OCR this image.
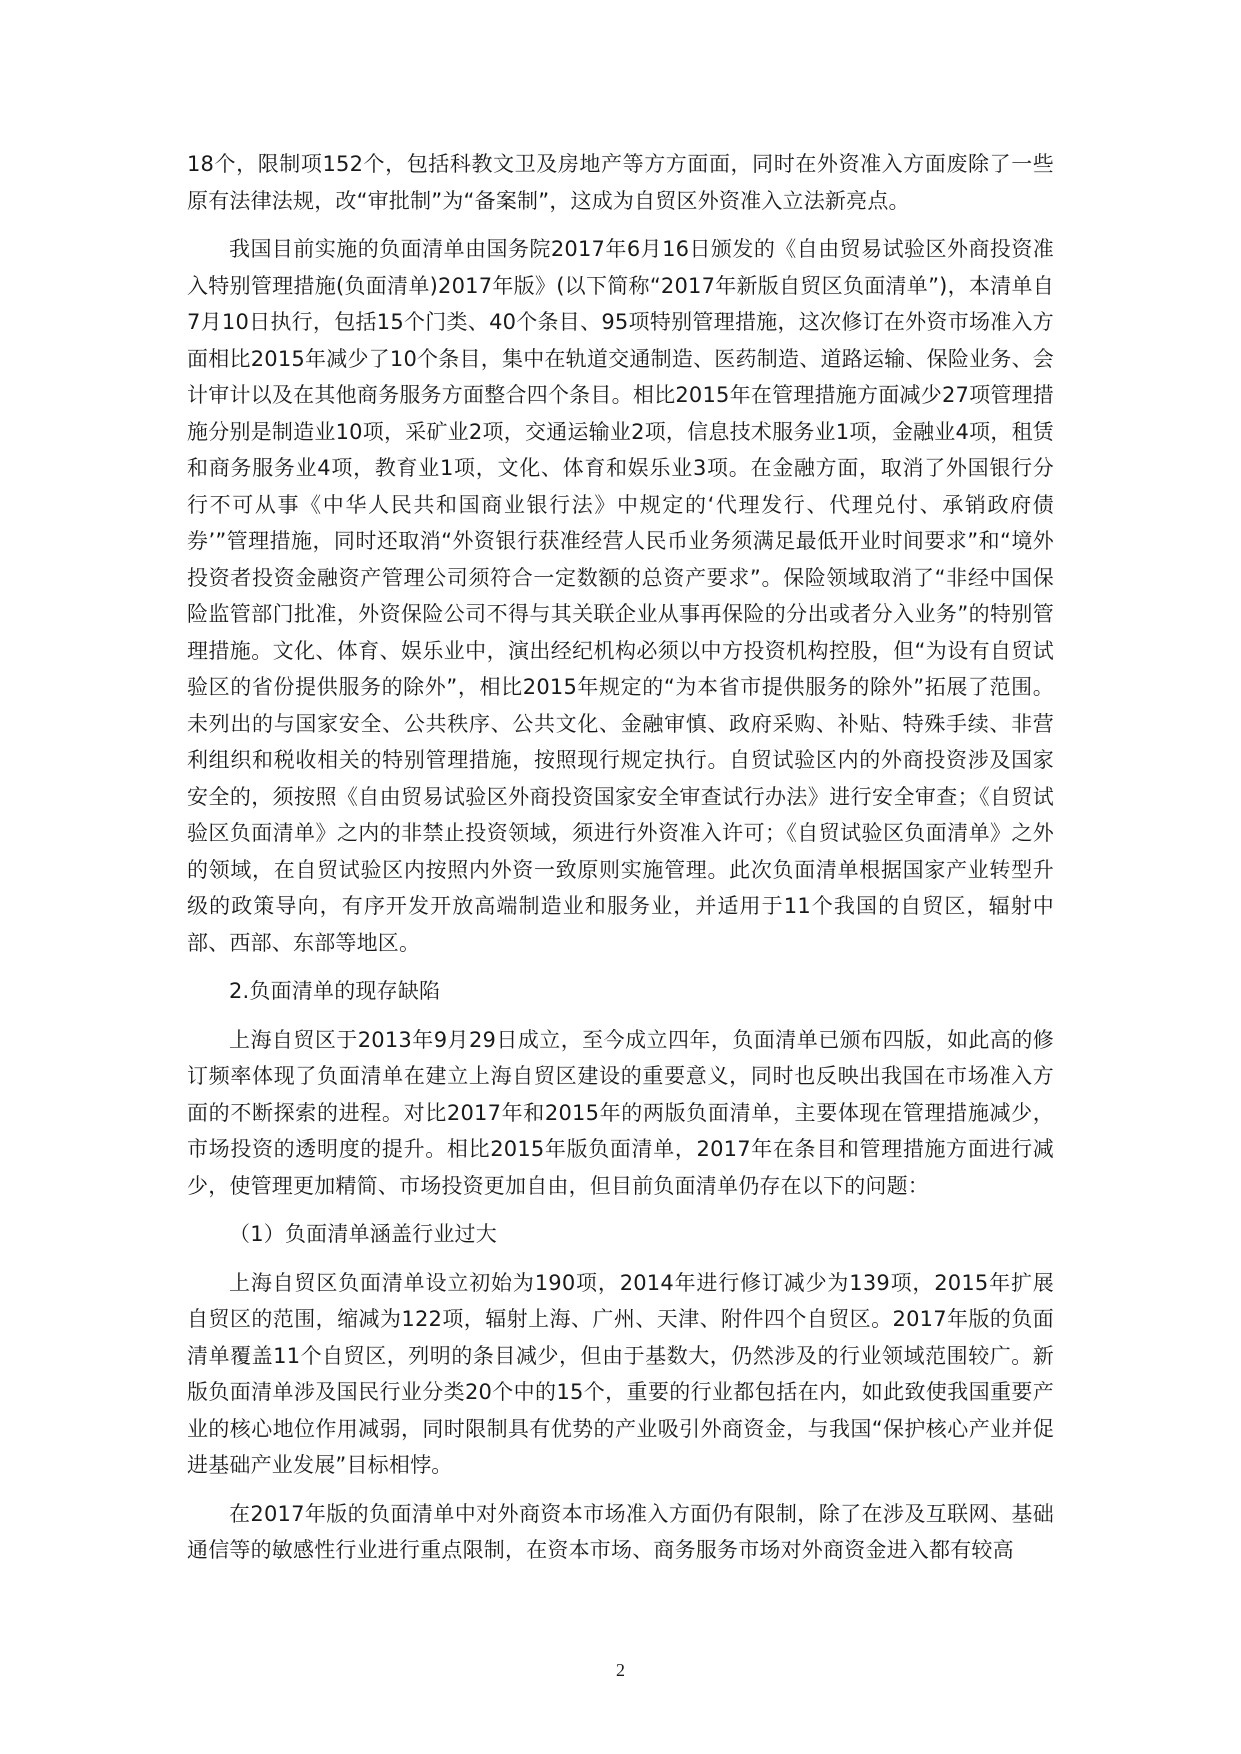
18个，限制项152个，包括科教文卫及房地产等方方面面，同时在外资准入方面废除了一些原有法律法规，改“审批制”为“备案制”，这成为自贸区外资准入立法新亮点。

我国目前实施的负面清单由国务院2017年6月16日颁发的《自由贸易试验区外商投资准入特别管理措施(负面清单)2017年版》(以下简称“2017年新版自贸区负面清单”)，本清单自7月10日执行，包括15个门类、40个条目、95项特别管理措施，这次修订在外资市场准入方面相比2015年减少了10个条目，集中在轨道交通制造、医药制造、道路运输、保险业务、会计审计以及在其他商务服务方面整合四个条目。相比2015年在管理措施方面减少27项管理措施分别是制造业10项，采矿业2项，交通运输业2项，信息技术服务业1项，金融业4项，租赁和商务服务业4项，教育业1项，文化、体育和娱乐业3项。在金融方面，取消了外国银行分行不可从事《中华人民共和国商业银行法》中规定的‘代理发行、代理兑付、承销政府债券’”管理措施，同时还取消“外资银行获准经营人民币业务须满足最低开业时间要求”和“境外投资者投资金融资产管理公司须符合一定数额的总资产要求”。保险领域取消了“非经中国保险监管部门批准，外资保险公司不得与其关联企业从事再保险的分出或者分入业务”的特别管理措施。文化、体育、娱乐业中，演出经纪机构必须以中方投资机构控股，但“为设有自贸试验区的省份提供服务的除外”，相比2015年规定的“为本省市提供服务的除外”拓展了范围。未列出的与国家安全、公共秩序、公共文化、金融审慎、政府采购、补贴、特殊手续、非营利组织和税收相关的特别管理措施，按照现行规定执行。自贸试验区内的外商投资涉及国家安全的，须按照《自由贸易试验区外商投资国家安全审查试行办法》进行安全审查；《自贸试验区负面清单》之内的非禁止投资领域，须进行外资准入许可；《自贸试验区负面清单》之外的领域，在自贸试验区内按照内外资一致原则实施管理。此次负面清单根据国家产业转型升级的政策导向，有序开发开放高端制造业和服务业，并适用于11个我国的自贸区，辐射中部、西部、东部等地区。

2.负面清单的现存缺陷

上海自贸区于2013年9月29日成立，至今成立四年，负面清单已颁布四版，如此高的修订频率体现了负面清单在建立上海自贸区建设的重要意义，同时也反映出我国在市场准入方面的不断探索的进程。对比2017年和2015年的两版负面清单，主要体现在管理措施减少，市场投资的透明度的提升。相比2015年版负面清单，2017年在条目和管理措施方面进行减少，使管理更加精简、市场投资更加自由，但目前负面清单仍存在以下的问题：

（1）负面清单涵盖行业过大

上海自贸区负面清单设立初始为190项，2014年进行修订减少为139项，2015年扩展自贸区的范围，缩减为122项，辐射上海、广州、天津、附件四个自贸区。2017年版的负面清单覆盖11个自贸区，列明的条目减少，但由于基数大，仍然涉及的行业领域范围较广。新版负面清单涉及国民行业分类20个中的15个，重要的行业都包括在内，如此致使我国重要产业的核心地位作用减弱，同时限制具有优势的产业吸引外商资金，与我国“保护核心产业并促进基础产业发展”目标相悖。

在2017年版的负面清单中对外商资本市场准入方面仍有限制，除了在涉及互联网、基础通信等的敏感性行业进行重点限制，在资本市场、商务服务市场对外商资金进入都有较高

2
